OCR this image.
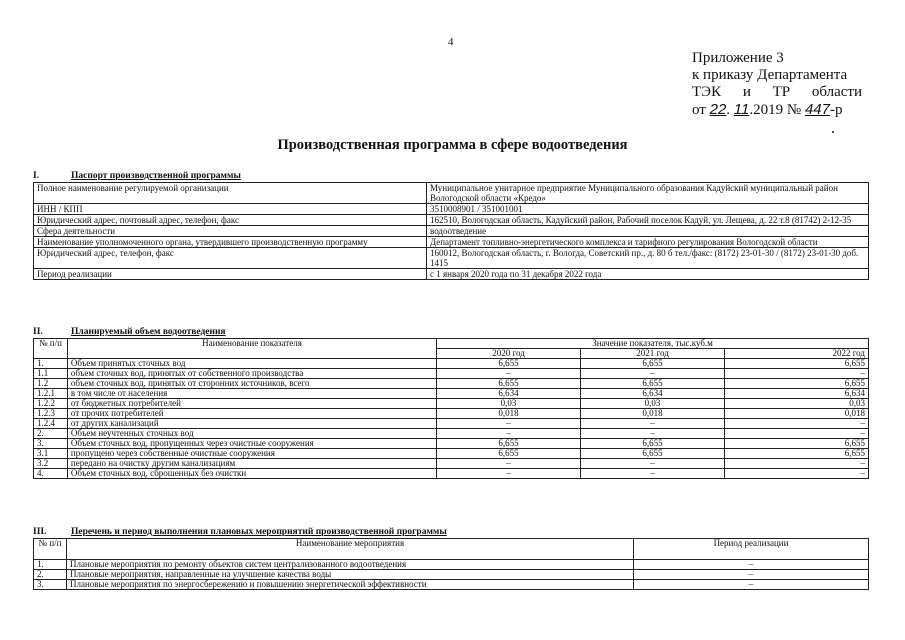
4
Приложение 3
к приказу Департамента
ТЭК и ТР области
от 22. 11.2019 № 447-р
Производственная программа в сфере водоотведения
I.	Паспорт производственной программы
Полное наименование регулируемой организации	Муниципальное унитарное предприятие Муниципального образования Кадуйский муниципальный район Вологодской области «Кредо»
ИНН / КПП	3510008901 / 351001001
Юридический адрес, почтовый адрес, телефон, факс	162510, Вологодская область, Кадуйский район, Рабочий поселок Кадуй, ул. Лещева, д. 22 т.8 (81742) 2-12-35
Сфера деятельности	водоотведение
Наименование уполномоченного органа, утвердившего производственную программу	Департамент топливно-энергетического комплекса и тарифного регулирования Вологодской области
Юридический адрес, телефон, факс	160012, Вологодская область, г. Вологда, Советский пр., д. 80 б тел./факс: (8172) 23-01-30 / (8172) 23-01-30 доб. 1415
Период реализации	с 1 января 2020 года по 31 декабря 2022 года
II.	Планируемый объем водоотведения
№ п/п	Наименование показателя	Значение показателя, тыс.куб.м		
		2020 год	2021 год	2022 год
1.	Объем принятых сточных вод	6,655	6,655	6,655
1.1	объем сточных вод, принятых от собственного производства	–	–	–
1.2	объем сточных вод, принятых от сторонних источников, всего	6,655	6,655	6,655
1.2.1	в том числе от населения	6,634	6,634	6,634
1.2.2	от бюджетных потребителей	0,03	0,03	0,03
1.2.3	от прочих потребителей	0,018	0,018	0,018
1.2.4	от других канализаций	–	–	–
2.	Объем неучтенных сточных вод	–	–	–
3.	Объем сточных вод, пропущенных через очистные сооружения	6,655	6,655	6,655
3.1	пропущено через собственные очистные сооружения	6,655	6,655	6,655
3.2	передано на очистку другим канализациям	–	–	–
4.	Объем сточных вод, сброшенных без очистки	–	–	–
III.	Перечень и период выполнения плановых мероприятий производственной программы
№ п/п	Наименование мероприятия	Период реализации
1.	Плановые мероприятия по ремонту объектов систем централизованного водоотведения	–
2.	Плановые мероприятия, направленные на улучшение качества воды	–
3.	Плановые мероприятия по энергосбережению и повышению энергетической эффективности	–
